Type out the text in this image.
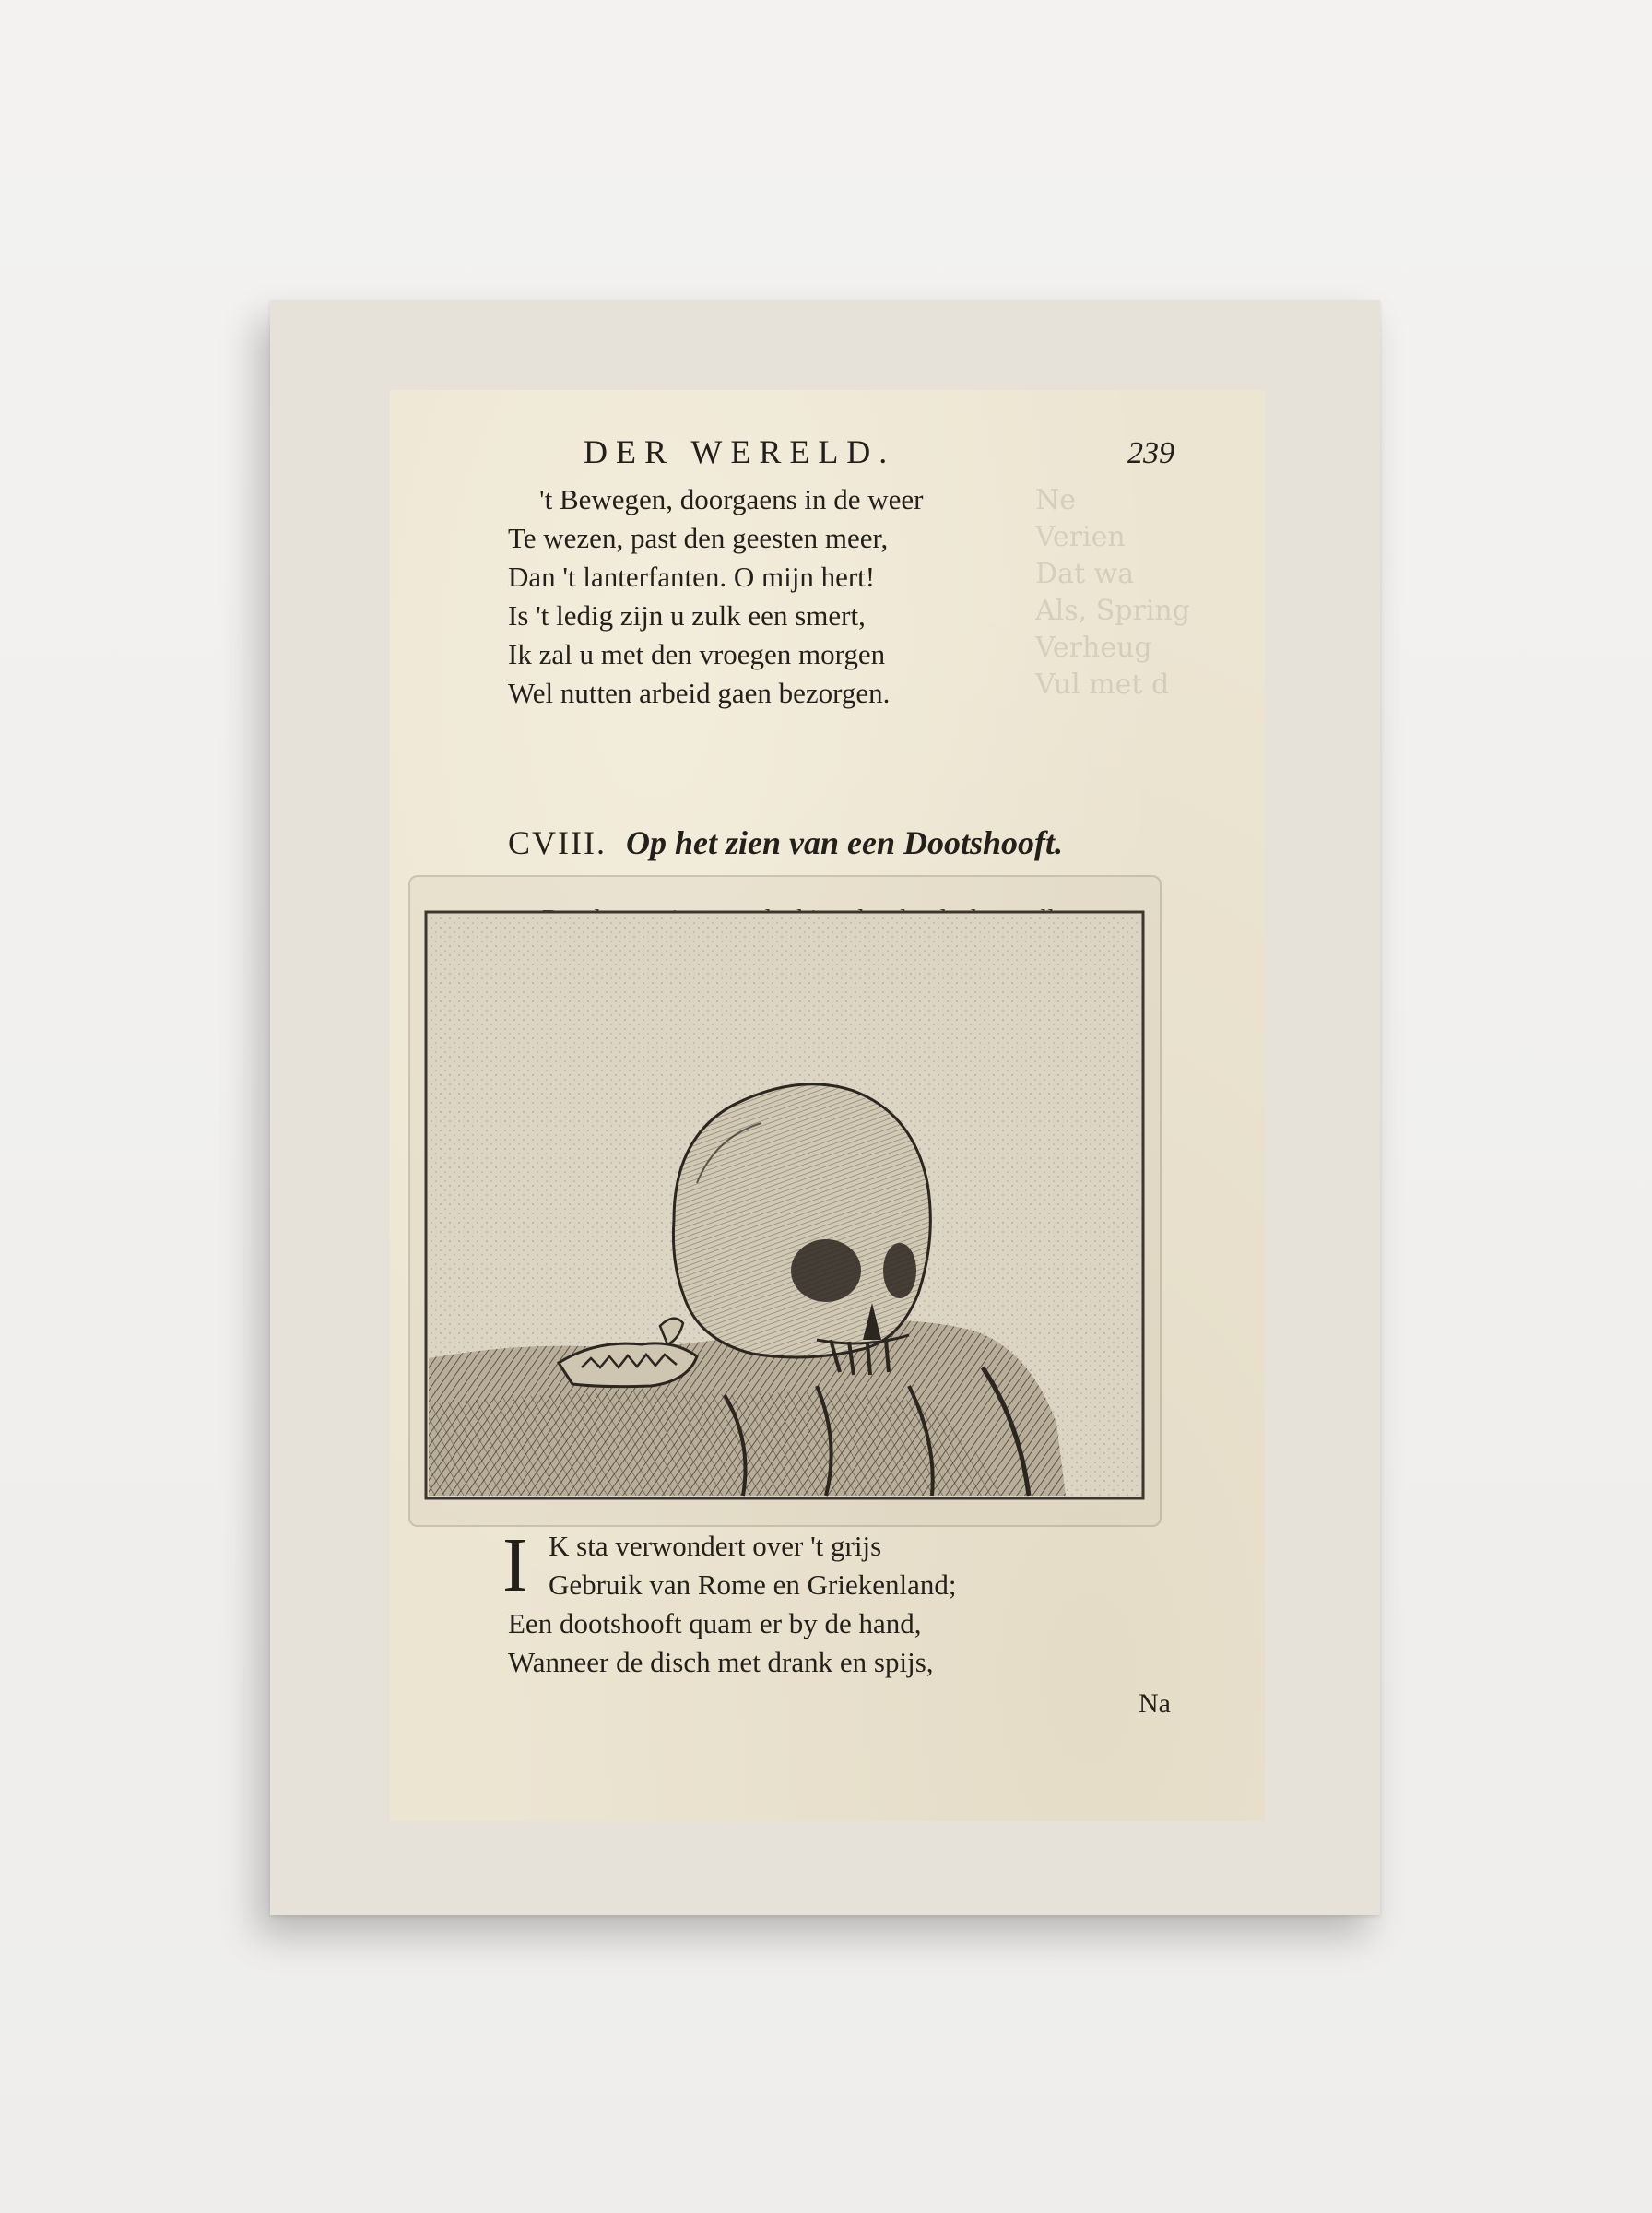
Ne
Verien
Dat wa
Als, Spring
Verheug
Vul met d
DER WERELD.	239
't Bewegen, doorgaens in de weer
Te wezen, past den geesten meer,
Dan 't lanterfanten. O mijn hert!
Is 't ledig zijn u zulk een smert,
Ik zal u met den vroegen morgen
Wel nutten arbeid gaen bezorgen.
CVIII. Op het zien van een Dootshooft.
I K sta verwondert over 't grijs
Gebruik van Rome en Griekenland;
Een dootshooft quam er by de hand,
Wanneer de disch met drank en spijs,
Na
